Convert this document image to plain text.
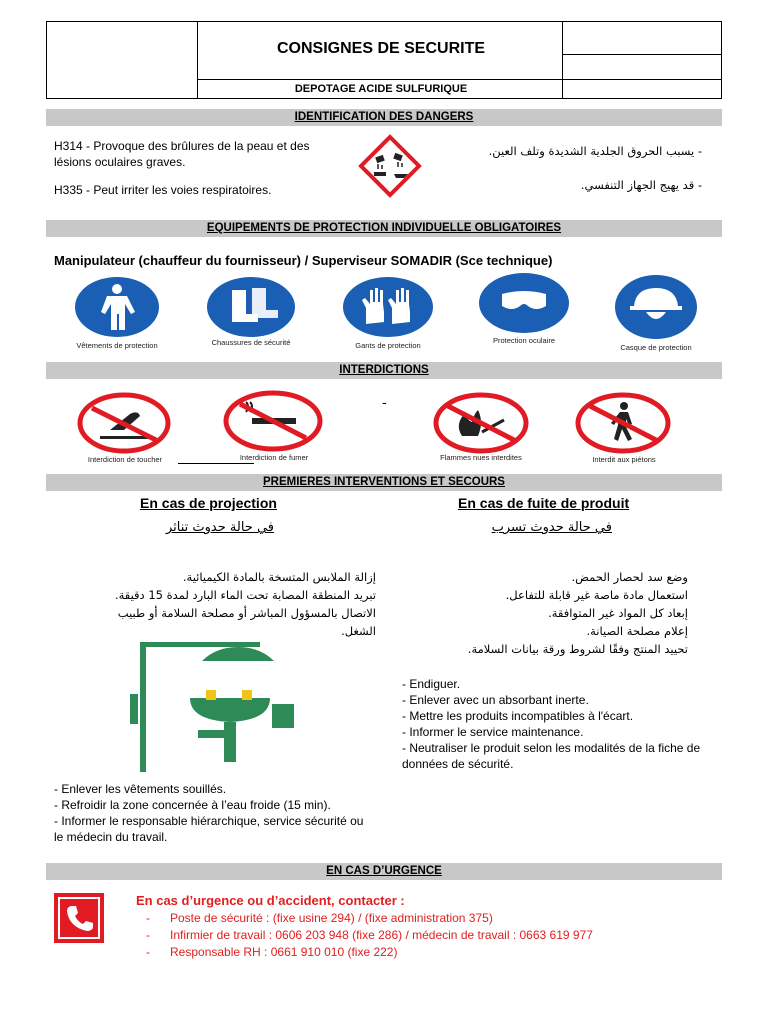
CONSIGNES DE SECURITE
DEPOTAGE ACIDE SULFURIQUE
IDENTIFICATION DES DANGERS
H314 - Provoque des brûlures de la peau et des lésions oculaires graves.
H335 - Peut irriter les voies respiratoires.
- يسبب الحروق الجلدية الشديدة وتلف العين.
- قد يهيج الجهاز التنفسي.
EQUIPEMENTS DE PROTECTION INDIVIDUELLE OBLIGATOIRES
Manipulateur (chauffeur du fournisseur) / Superviseur SOMADIR (Sce technique)
Vêtements de protection	Chaussures de sécurité	Gants de protection
Protection oculaire
Casque de protection
INTERDICTIONS
Interdiction de toucher	Interdiction de fumer
-
Flammes nues interdites	Interdit aux piétons
PREMIERES INTERVENTIONS ET SECOURS
En cas de projection
في حالة حدوث تناثر
إزالة الملابس المتسخة بالمادة الكيميائية.
تبريد المنطقة المصابة تحت الماء البارد لمدة 15 دقيقة.
الاتصال بالمسؤول المباشر أو مصلحة السلامة أو طبيب الشغل.
- Enlever les vêtements souillés.
- Refroidir la zone concernée à l’eau froide (15 min).
- Informer le responsable hiérarchique, service sécurité ou le médecin du travail.
En cas de fuite de produit
في حالة حدوث تسرب
وضع سد لحصار الحمض.
استعمال مادة ماصة غير قابلة للتفاعل.
إبعاد كل المواد غير المتوافقة.
إعلام مصلحة الصيانة.
تحييد المنتج وفقًا لشروط ورقة بيانات السلامة.
- Endiguer.
- Enlever avec un absorbant inerte.
- Mettre les produits incompatibles à l'écart.
- Informer le service maintenance.
- Neutraliser le produit selon les modalités de la fiche de données de sécurité.
EN CAS D’URGENCE
En cas d’urgence ou d’accident, contacter :
- Poste de sécurité : (fixe usine 294) / (fixe administration 375)
- Infirmier de travail : 0606 203 948 (fixe 286) / médecin de travail : 0663 619 977
- Responsable RH : 0661 910 010 (fixe 222)
